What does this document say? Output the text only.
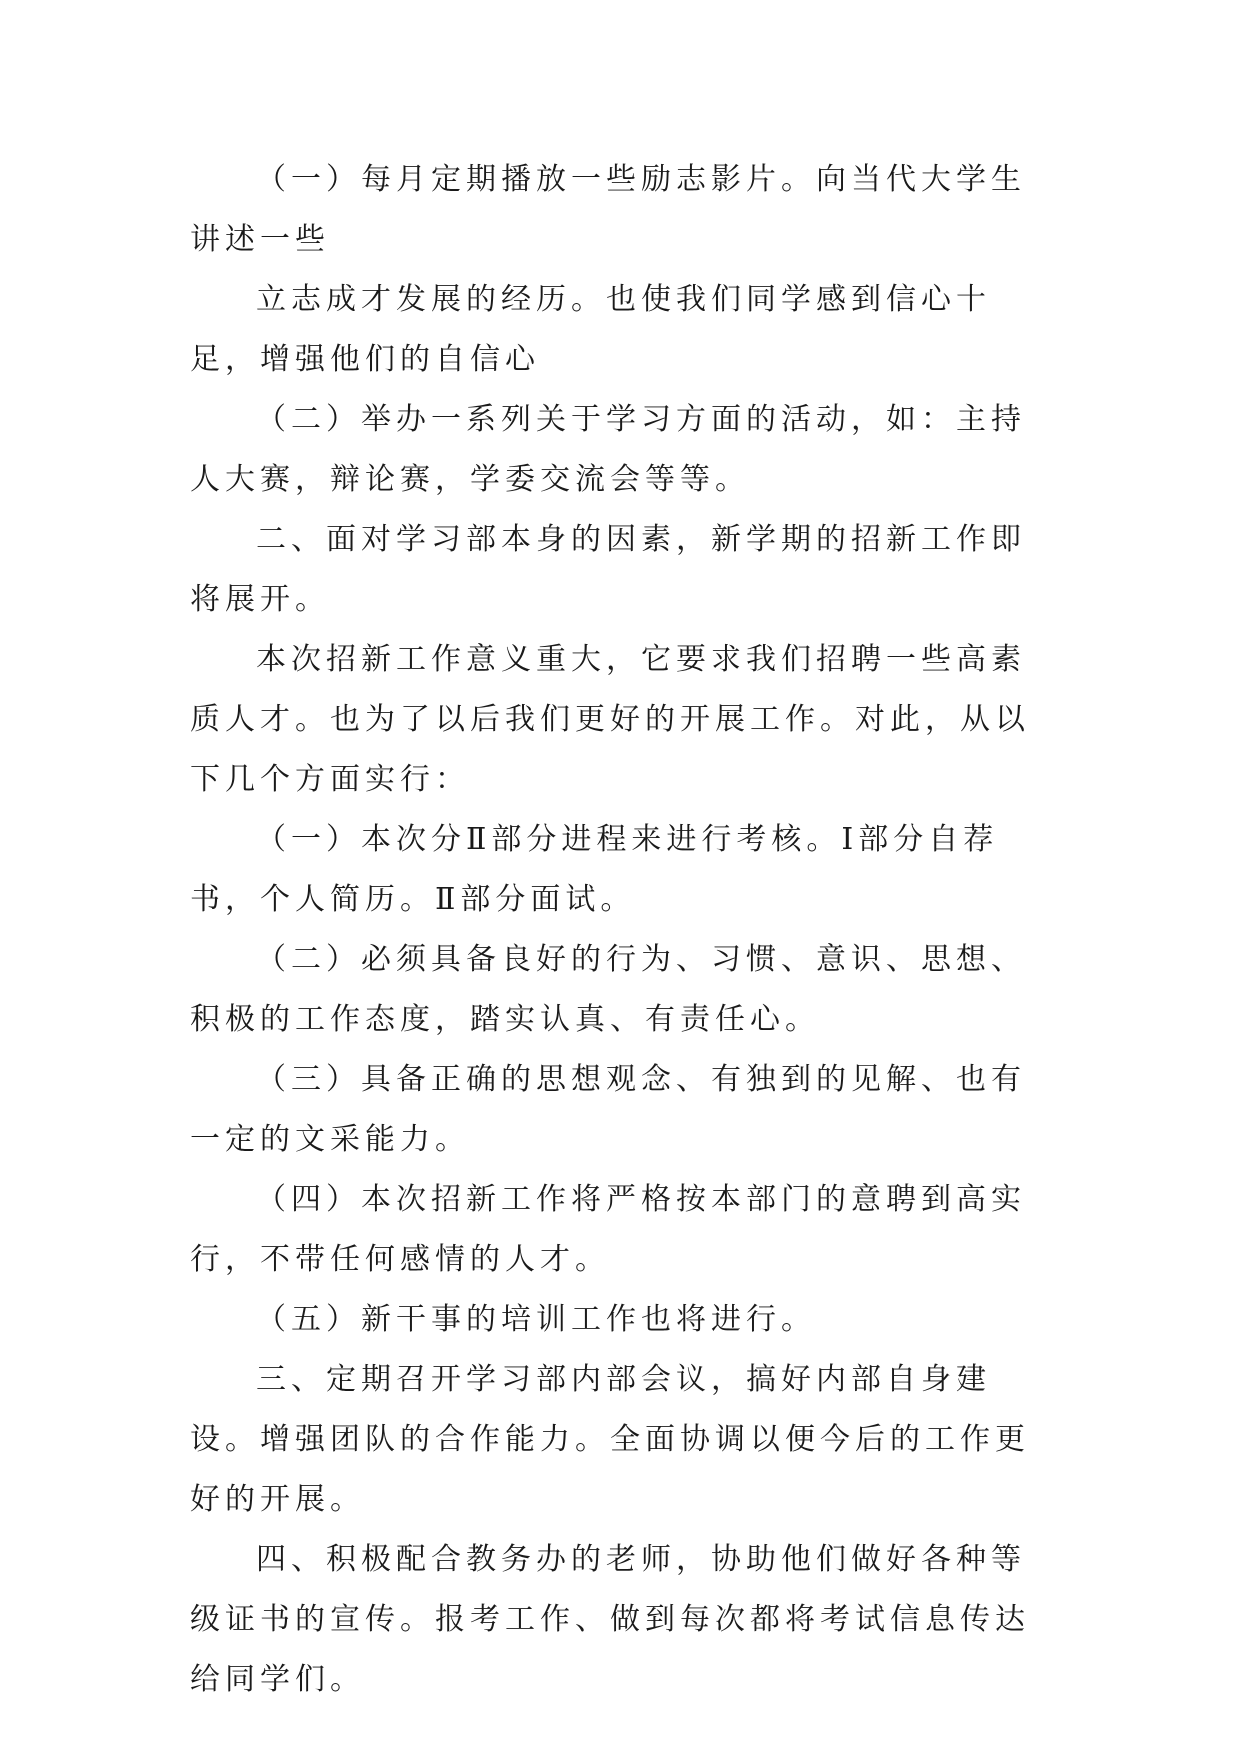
（一）每月定期播放一些励志影片。向当代大学生讲述一些

立志成才发展的经历。也使我们同学感到信心十足，增强他们的自信心

（二）举办一系列关于学习方面的活动，如：主持人大赛，辩论赛，学委交流会等等。

二、面对学习部本身的因素，新学期的招新工作即将展开。

本次招新工作意义重大，它要求我们招聘一些高素质人才。也为了以后我们更好的开展工作。对此，从以下几个方面实行：

（一）本次分Ⅱ部分进程来进行考核。Ⅰ部分自荐书，个人简历。Ⅱ部分面试。

（二）必须具备良好的行为、习惯、意识、思想、积极的工作态度，踏实认真、有责任心。

（三）具备正确的思想观念、有独到的见解、也有一定的文采能力。

（四）本次招新工作将严格按本部门的意聘到高实行，不带任何感情的人才。

（五）新干事的培训工作也将进行。

三、定期召开学习部内部会议，搞好内部自身建设。增强团队的合作能力。全面协调以便今后的工作更好的开展。

四、积极配合教务办的老师，协助他们做好各种等级证书的宣传。报考工作、做到每次都将考试信息传达给同学们。
